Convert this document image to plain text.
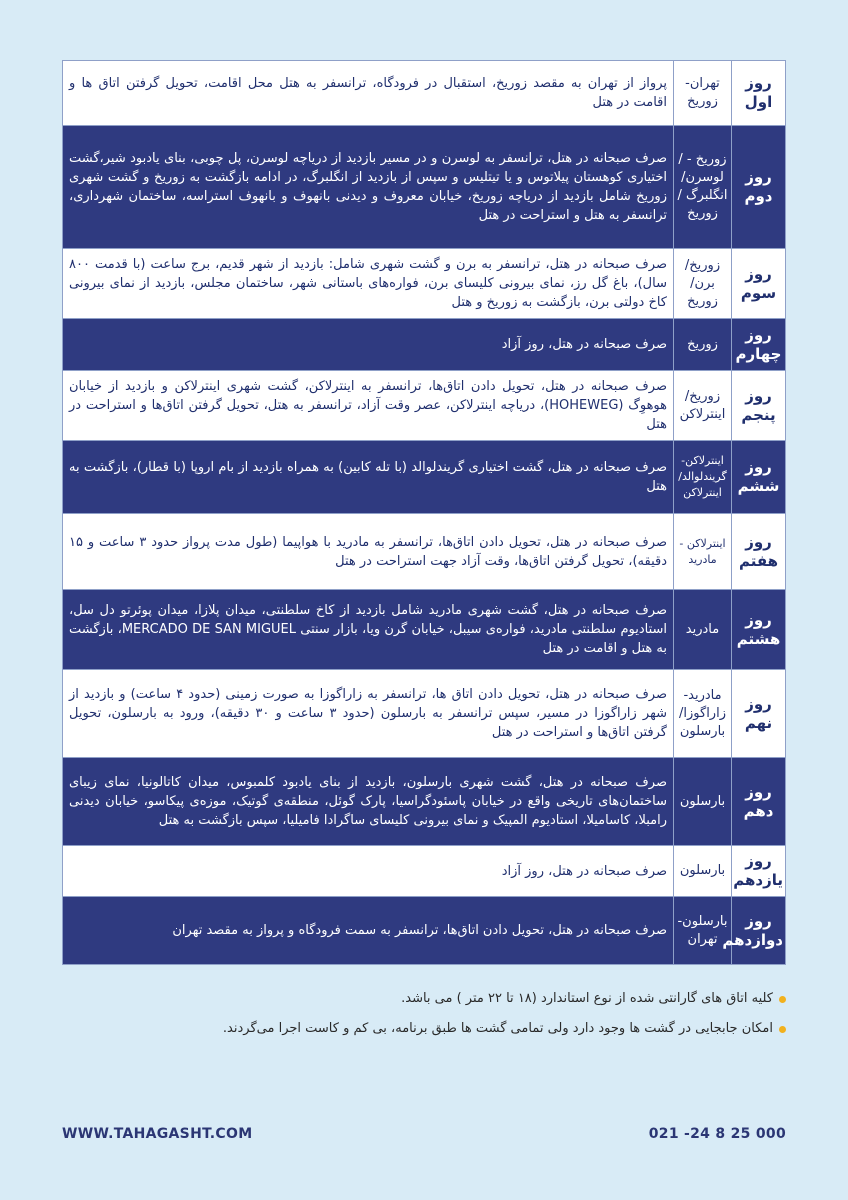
روز اول	تهران- زوریخ	پرواز از تهران به مقصد زوریخ، استقبال در فرودگاه، ترانسفر به هتل محل اقامت، تحویل گرفتن اتاق ها و اقامت در هتل
روز دوم	زوریخ - /لوسرن/ انگلبرگ / زوریخ	صرف صبحانه در هتل، ترانسفر به لوسرن و در مسیر بازدید از دریاچه لوسرن، پل چوبی، بنای یادبود شیر،گشت اختیاری کوهستان پیلاتوس و یا تیتلیس و سپس از بازدید از انگلبرگ، در ادامه بازگشت به زوریخ و گشت شهری زوریخ شامل بازدید از دریاچه زوریخ، خیابان معروف و دیدنی بانهوف و بانهوف استراسه، ساختمان شهرداری، ترانسفر به هتل و استراحت در هتل
روز سوم	زوریخ/ برن/ زوریخ	صرف صبحانه در هتل، ترانسفر به برن و گشت شهری شامل: بازدید از شهر قدیم، برج ساعت (با قدمت ۸۰۰ سال)، باغ گل رز، نمای بیرونی کلیسای برن، فواره‌های باستانی شهر، ساختمان مجلس، بازدید از نمای بیرونی کاخ دولتی برن، بازگشت به زوریخ و هتل
روز چهارم	زوریخ	صرف صبحانه در هتل، روز آزاد
روز پنجم	زوریخ/ اینترلاکن	صرف صبحانه در هتل، تحویل دادن اتاق‌ها، ترانسفر به اینترلاکن، گشت شهری اینترلاکن و بازدید از خیابان هوهوِگ (HOHEWEG)، دریاچه اینترلاکن، عصر وقت آزاد، ترانسفر به هتل، تحویل گرفتن اتاق‌ها و استراحت در هتل
روز ششم	اینترلاکن- گریندلوالد/ اینترلاکن	صرف صبحانه در هتل، گشت اختیاری گریندلوالد (با تله کابین) به همراه بازدید از بام اروپا (با قطار)، بازگشت به هتل
روز هفتم	اینترلاکن - مادرید	صرف صبحانه در هتل، تحویل دادن اتاق‌ها، ترانسفر به مادرید با هواپیما (طول مدت پرواز حدود ۳ ساعت و ۱۵ دقیقه)، تحویل گرفتن اتاق‌ها، وقت آزاد جهت استراحت در هتل
روز هشتم	مادرید	صرف صبحانه در هتل، گشت شهری مادرید شامل بازدید از کاخ سلطنتی، میدان پلازا، میدان پوئرتو دل سل، استادیوم سلطنتی مادرید، فواره‌ی سیبل، خیابان گرن ویا، بازار سنتی MERCADO DE SAN MIGUEL، بازگشت به هتل و اقامت در هتل
روز نهم	مادرید- زاراگوزا/ بارسلون	صرف صبحانه در هتل، تحویل دادن اتاق ها، ترانسفر به زاراگوزا به صورت زمینی (حدود ۴ ساعت) و بازدید از شهر زاراگوزا در مسیر، سپس ترانسفر به بارسلون (حدود ۳ ساعت و ۳۰ دقیقه)، ورود به بارسلون، تحویل گرفتن اتاق‌ها و استراحت در هتل
روز دهم	بارسلون	صرف صبحانه در هتل، گشت شهری بارسلون، بازدید از بنای یادبود کلمبوس، میدان کاتالونیا، نمای زیبای ساختمان‌های تاریخی واقع در خیابان پاسئودگراسیا، پارک گوئل، منطقه‌ی گوتیک، موزه‌ی پیکاسو، خیابان دیدنی رامبلا، کاسامیلا، استادیوم المپیک و نمای بیرونی کلیسای ساگرادا فامیلیا، سپس بازگشت به هتل
روز یازدهم	بارسلون	صرف صبحانه در هتل، روز آزاد
روز دوازدهم	بارسلون- تهران	صرف صبحانه در هتل، تحویل دادن اتاق‌ها، ترانسفر به سمت فرودگاه و پرواز به مقصد تهران
کلیه اتاق های گارانتی شده از نوع استاندارد (۱۸ تا ۲۲ متر ) می باشد.
امکان جابجایی در گشت ها وجود دارد ولی تمامی گشت ها طبق برنامه، بی کم و کاست اجرا می‌گردند.
WWW.TAHAGASHT.COM	021 -24 8 25 000
